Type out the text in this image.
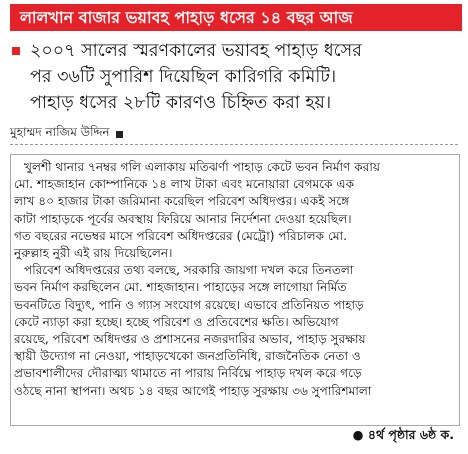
লালখান বাজার ভয়াবহ পাহাড় ধসের ১৪ বছর আজ
২০০৭ সালের স্মরণকালের ভয়াবহ পাহাড় ধসের
পর ৩৬টি সুপারিশ দিয়েছিল কারিগরি কমিটি।
পাহাড় ধসের ২৮টি কারণও চিহ্নিত করা হয়।
মুহাম্মদ নাজিম উদ্দিন
খুলশী থানার ৭নম্বর গলি এলাকায় মতিঝর্ণা পাহাড় কেটে ভবন নির্মাণ করায়
মো. শাহজাহান কোম্পানিকে ১৪ লাখ টাকা এবং মনোয়ারা বেগমকে এক
লাখ ৪০ হাজার টাকা জরিমানা করেছিল পরিবেশ অধিদপ্তর। একই সঙ্গে
কাটা পাহাড়কে পূর্বের অবস্থায় ফিরিয়ে আনার নির্দেশনা দেওয়া হয়েছিল।
গত বছরের নভেম্বর মাসে পরিবেশ অধিদপ্তরের (মেট্রো) পরিচালক মো.
নুরুল্লাহ নুরী এই রায় দিয়েছিলেন।
পরিবেশ অধিদপ্তরের তথ্য বলছে, সরকারি জায়গা দখল করে তিনতলা
ভবন নির্মাণ করছিলেন মো. শাহজাহান। পাহাড়ের সঙ্গে লাগোয়া নির্মিত
ভবনটিতে বিদ্যুৎ, পানি ও গ্যাস সংযোগ রয়েছে। এভাবে প্রতিনিয়ত পাহাড়
কেটে ন্যাড়া করা হচ্ছে। হচ্ছে পরিবেশ ও প্রতিবেশের ক্ষতি। অভিযোগ
রয়েছে, পরিবেশ অধিদপ্তর ও প্রশাসনের নজরদারির অভাব, পাহাড় সুরক্ষায়
স্থায়ী উদ্যোগ না নেওয়া, পাহাড়খেকো জনপ্রতিনিধি, রাজনৈতিক নেতা ও
প্রভাবশালীদের দৌরাত্ম্য থামাতে না পারায় নির্বিঘ্নে পাহাড় দখল করে গড়ে
ওঠছে নানা স্থাপনা। অথচ ১৪ বছর আগেই পাহাড় সুরক্ষায় ৩৬ সুপারিশমালা
● ৪র্থ পৃষ্ঠার ৬ষ্ঠ ক.
